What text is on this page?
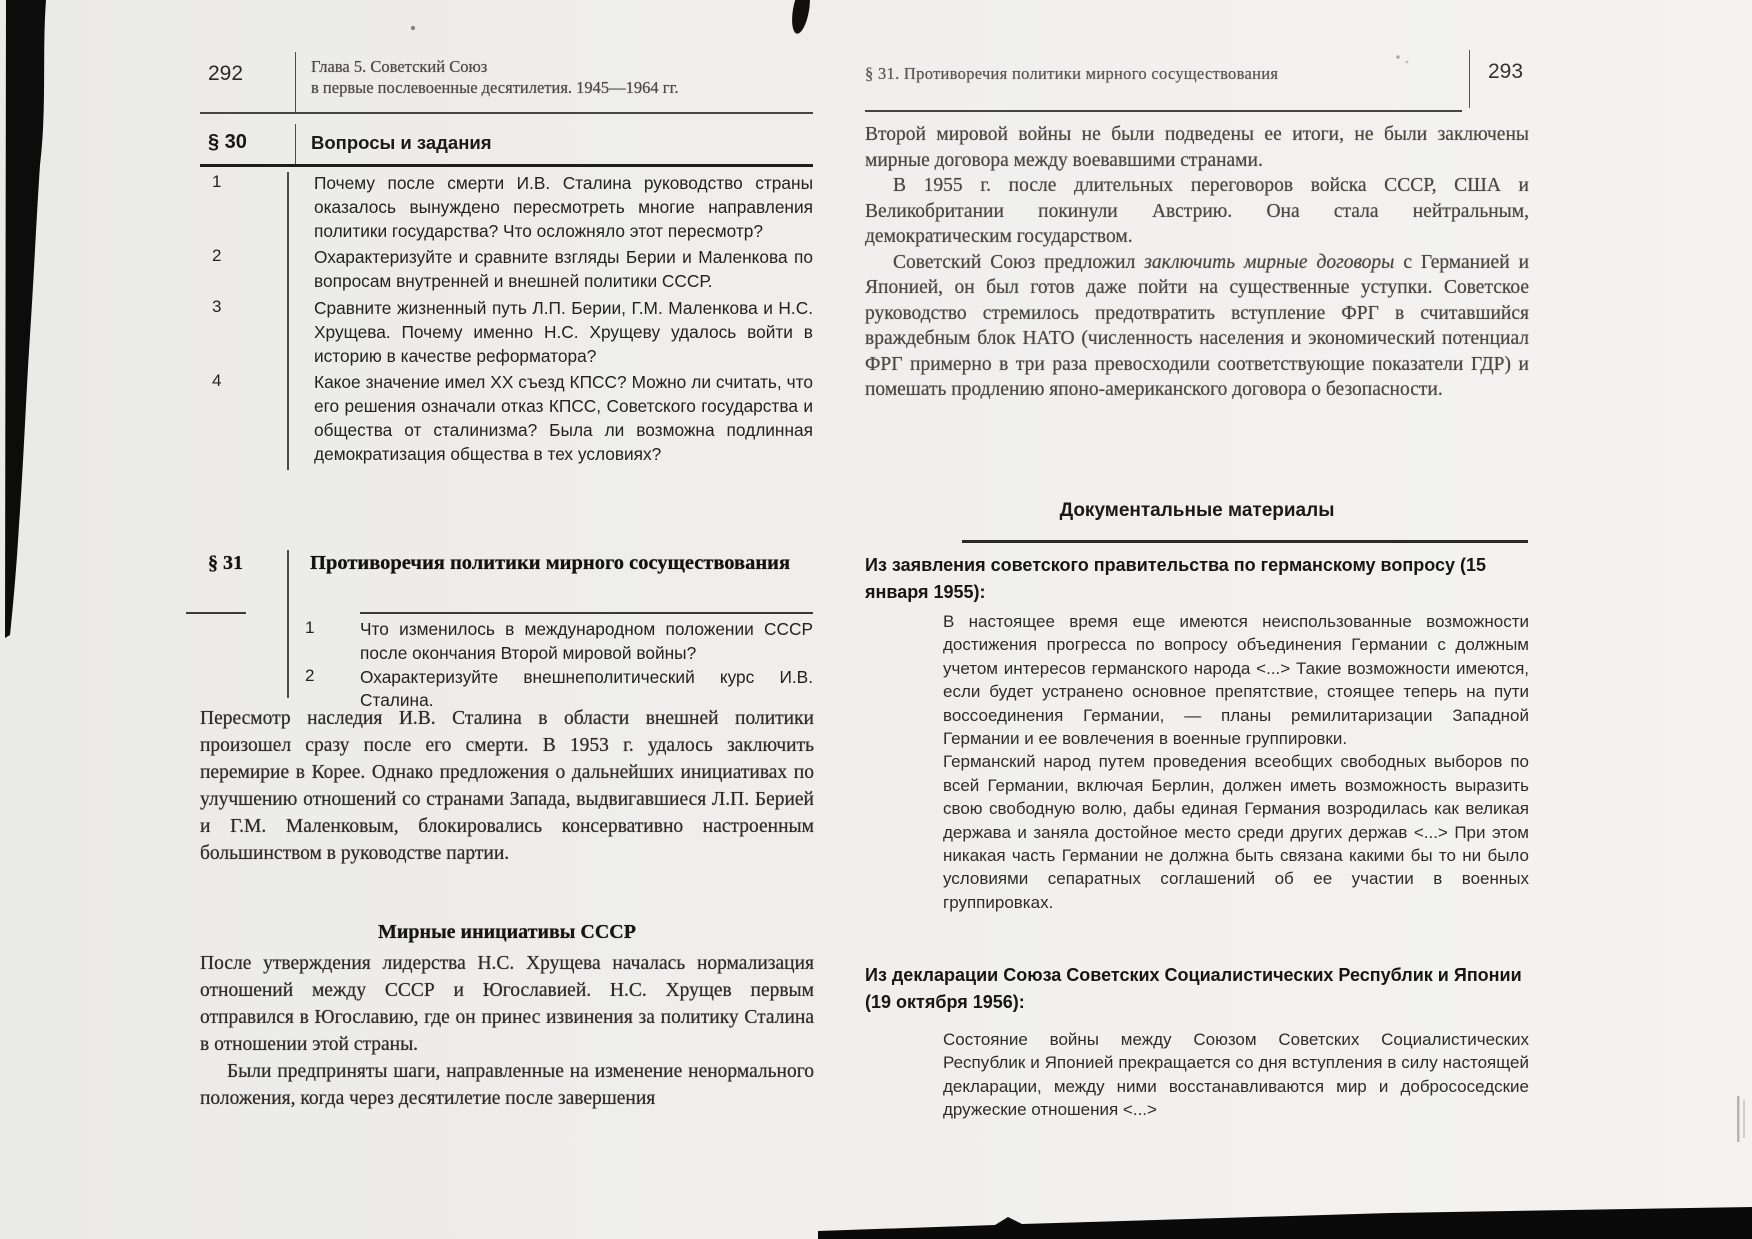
292	Глава 5. Советский Союз
в первые послевоенные десятилетия. 1945—1964 гг.
§ 30	Вопросы и задания
1	Почему после смерти И.В. Сталина руководство страны оказалось вынуждено пересмотреть многие направления политики государства? Что осложняло этот пересмотр?
2	Охарактеризуйте и сравните взгляды Берии и Маленкова по вопросам внутренней и внешней политики СССР.
3	Сравните жизненный путь Л.П. Берии, Г.М. Маленкова и Н.С. Хрущева. Почему именно Н.С. Хрущеву удалось войти в историю в качестве реформатора?
4	Какое значение имел XX съезд КПСС? Можно ли считать, что его решения означали отказ КПСС, Советского государства и общества от сталинизма? Была ли возможна подлинная демократизация общества в тех условиях?
§ 31	Противоречия политики мирного сосуществования
1	Что изменилось в международном положении СССР после окончания Второй мировой войны?
2	Охарактеризуйте внешнеполитический курс И.В. Сталина.
Пересмотр наследия И.В. Сталина в области внешней политики произошел сразу после его смерти. В 1953 г. удалось заключить перемирие в Корее. Однако предложения о дальнейших инициативах по улучшению отношений со странами Запада, выдвигавшиеся Л.П. Берией и Г.М. Маленковым, блокировались консервативно настроенным большинством в руководстве партии.
Мирные инициативы СССР
После утверждения лидерства Н.С. Хрущева началась нормализация отношений между СССР и Югославией. Н.С. Хрущев первым отправился в Югославию, где он принес извинения за политику Сталина в отношении этой страны.
Были предприняты шаги, направленные на изменение ненормального положения, когда через десятилетие после завершения
§ 31. Противоречия политики мирного сосуществования	293

Второй мировой войны не были подведены ее итоги, не были заключены мирные договора между воевавшими странами.

В 1955 г. после длительных переговоров войска СССР, США и Великобритании покинули Австрию. Она стала нейтральным, демократическим государством.

Советский Союз предложил заключить мирные договоры с Германией и Японией, он был готов даже пойти на существенные уступки. Советское руководство стремилось предотвратить вступление ФРГ в считавшийся враждебным блок НАТО (численность населения и экономический потенциал ФРГ примерно в три раза превосходили соответствующие показатели ГДР) и помешать продлению японо-американского договора о безопасности.

Документальные материалы
Из заявления советского правительства по германскому вопросу (15 января 1955):

В настоящее время еще имеются неиспользованные возможности достижения прогресса по вопросу объединения Германии с должным учетом интересов германского народа <...> Такие возможности имеются, если будет устранено основное препятствие, стоящее теперь на пути воссоединения Германии, — планы ремилитаризации Западной Германии и ее вовлечения в военные группировки.

Германский народ путем проведения всеобщих свободных выборов по всей Германии, включая Берлин, должен иметь возможность выразить свою свободную волю, дабы единая Германия возродилась как великая держава и заняла достойное место среди других держав <...> При этом никакая часть Германии не должна быть связана какими бы то ни было условиями сепаратных соглашений об ее участии в военных группировках.

Из декларации Союза Советских Социалистических Республик и Японии (19 октября 1956):

Состояние войны между Союзом Советских Социалистических Республик и Японией прекращается со дня вступления в силу настоящей декларации, между ними восстанавливаются мир и добрососедские дружеские отношения <...>
